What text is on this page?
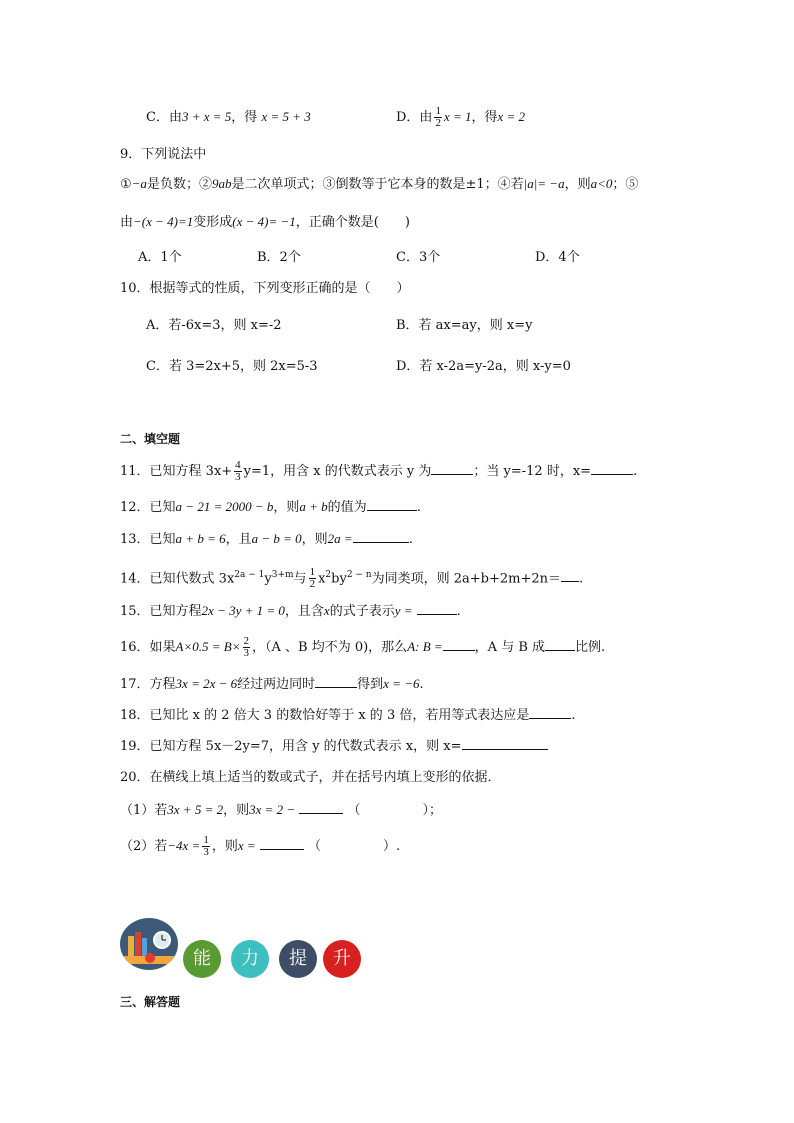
C．由3 + x = 5，得 x = 5 + 3	D．由 $\frac{1}{2}$ x = 1，得x = 2
9．下列说法中
①−a是负数；②9ab是二次单项式；③倒数等于它本身的数是±1；④若|a|= −a，则a<0；⑤
由−(x − 4)=1变形成(x − 4)= −1，正确个数是(　　)
A．1个	B．2个	C．3个	D．4个
10．根据等式的性质，下列变形正确的是（　　）
A．若-6x=3，则 x=-2	B．若 ax=ay，则 x=y
C．若 3=2x+5，则 2x=5-3	D．若 x-2a=y-2a，则 x-y=0
二、填空题
11．已知方程 $3x+ \frac{4}{3} y=1$，用含 x 的代数式表示 y 为	；当 y=-12 时，x=	.
12．已知a − 21 = 2000 − b，则a + b的值为	.
13．已知a + b = 6，且a − b = 0，则2a =	.
14．已知代数式 $3x^{2a - 1}y^{3+m}$与 $\frac{1}{2} x^2by^{2 - n}$为同类项，则 2a+b+2m+2n＝ .
15．已知方程2x − 3y + 1 = 0，且含x的式子表示y =	.
16．如果$A\times 0.5 = B\times \frac{2}{3}$ ，（A 、B 均不为 0)，那么A: B = ，A 与 B 成 比例.
17．方程3x = 2x − 6经过两边同时	得到x = −6.
18．已知比 x 的 2 倍大 3 的数恰好等于 x 的 3 倍，若用等式表达应是	.
19．已知方程 5x－2y=7，用含 y 的代数式表示 x，则 x=
20．在横线上填上适当的数或式子，并在括号内填上变形的依据．
（1）若3x + 5 = 2，则3x = 2 −	（	）；
（2）若$-4x = \frac{1}{3}$ ，则x =	（	）.
能	力	提	升
三、解答题
